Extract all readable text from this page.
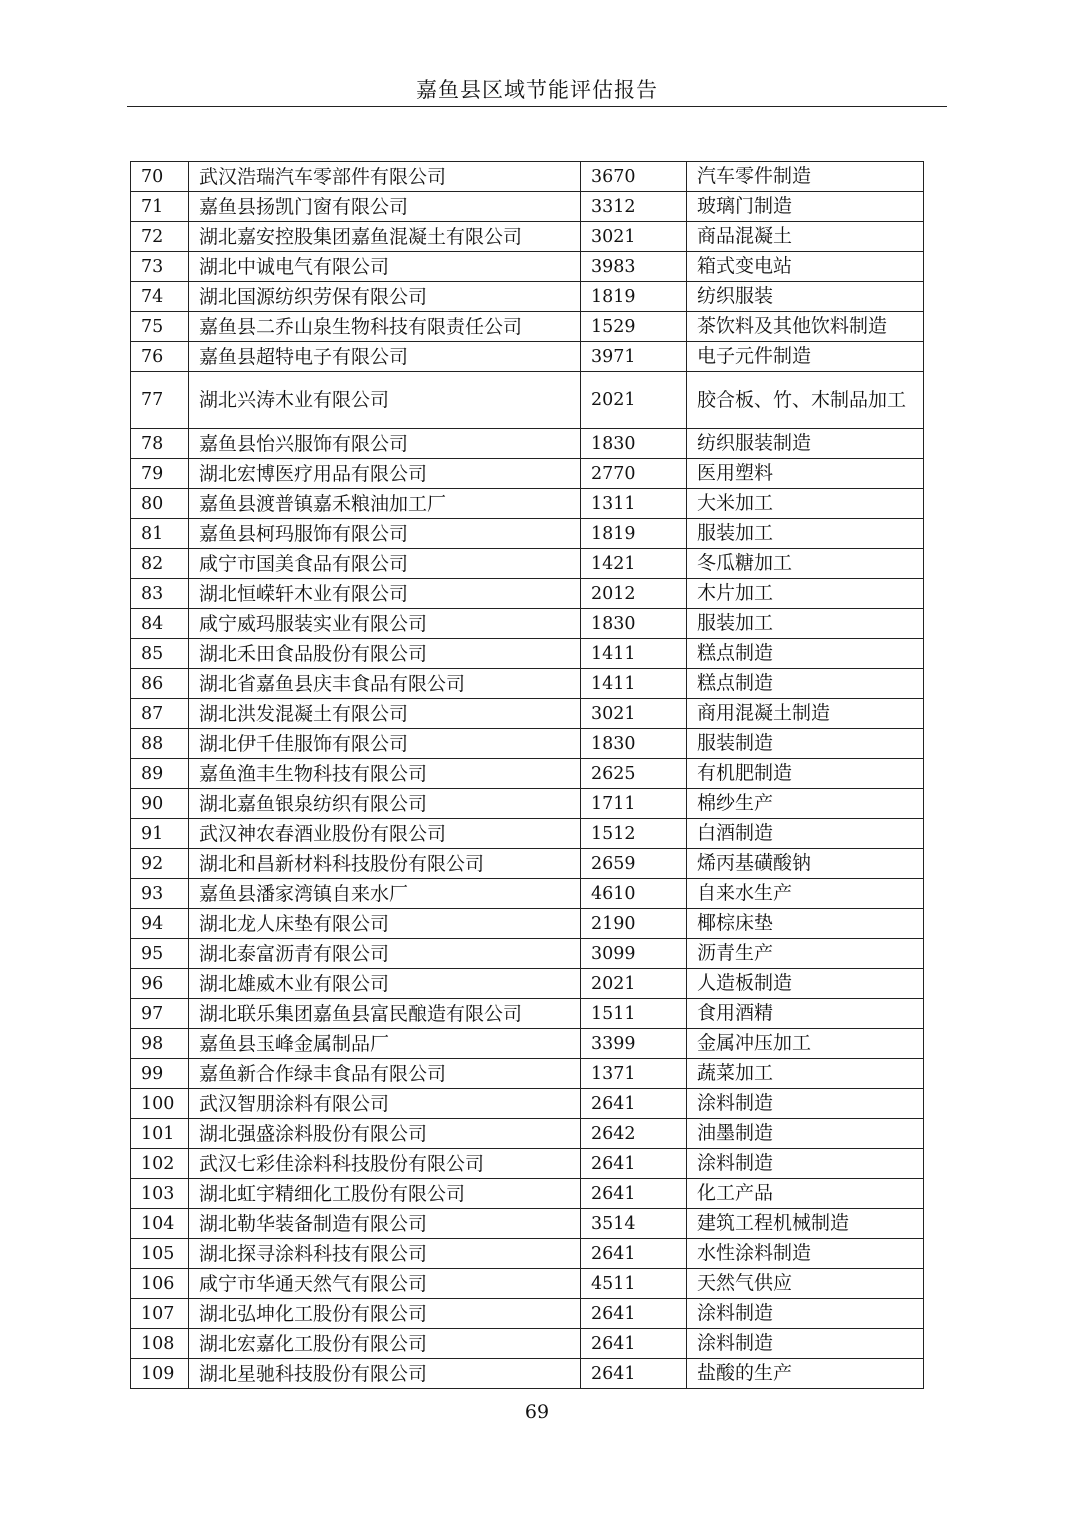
嘉鱼县区域节能评估报告
70	武汉浩瑞汽车零部件有限公司	3670	汽车零件制造
71	嘉鱼县扬凯门窗有限公司	3312	玻璃门制造
72	湖北嘉安控股集团嘉鱼混凝土有限公司	3021	商品混凝土
73	湖北中诚电气有限公司	3983	箱式变电站
74	湖北国源纺织劳保有限公司	1819	纺织服装
75	嘉鱼县二乔山泉生物科技有限责任公司	1529	茶饮料及其他饮料制造
76	嘉鱼县超特电子有限公司	3971	电子元件制造
77	湖北兴涛木业有限公司	2021	胶合板、竹、木制品加工
78	嘉鱼县怡兴服饰有限公司	1830	纺织服装制造
79	湖北宏博医疗用品有限公司	2770	医用塑料
80	嘉鱼县渡普镇嘉禾粮油加工厂	1311	大米加工
81	嘉鱼县柯玛服饰有限公司	1819	服装加工
82	咸宁市国美食品有限公司	1421	冬瓜糖加工
83	湖北恒嵘轩木业有限公司	2012	木片加工
84	咸宁威玛服装实业有限公司	1830	服装加工
85	湖北禾田食品股份有限公司	1411	糕点制造
86	湖北省嘉鱼县庆丰食品有限公司	1411	糕点制造
87	湖北洪发混凝土有限公司	3021	商用混凝土制造
88	湖北伊千佳服饰有限公司	1830	服装制造
89	嘉鱼渔丰生物科技有限公司	2625	有机肥制造
90	湖北嘉鱼银泉纺织有限公司	1711	棉纱生产
91	武汉神农春酒业股份有限公司	1512	白酒制造
92	湖北和昌新材料科技股份有限公司	2659	烯丙基磺酸钠
93	嘉鱼县潘家湾镇自来水厂	4610	自来水生产
94	湖北龙人床垫有限公司	2190	椰棕床垫
95	湖北泰富沥青有限公司	3099	沥青生产
96	湖北雄威木业有限公司	2021	人造板制造
97	湖北联乐集团嘉鱼县富民酿造有限公司	1511	食用酒精
98	嘉鱼县玉峰金属制品厂	3399	金属冲压加工
99	嘉鱼新合作绿丰食品有限公司	1371	蔬菜加工
100	武汉智朋涂料有限公司	2641	涂料制造
101	湖北强盛涂料股份有限公司	2642	油墨制造
102	武汉七彩佳涂料科技股份有限公司	2641	涂料制造
103	湖北虹宇精细化工股份有限公司	2641	化工产品
104	湖北勒华装备制造有限公司	3514	建筑工程机械制造
105	湖北探寻涂料科技有限公司	2641	水性涂料制造
106	咸宁市华通天然气有限公司	4511	天然气供应
107	湖北弘坤化工股份有限公司	2641	涂料制造
108	湖北宏嘉化工股份有限公司	2641	涂料制造
109	湖北星驰科技股份有限公司	2641	盐酸的生产
69
